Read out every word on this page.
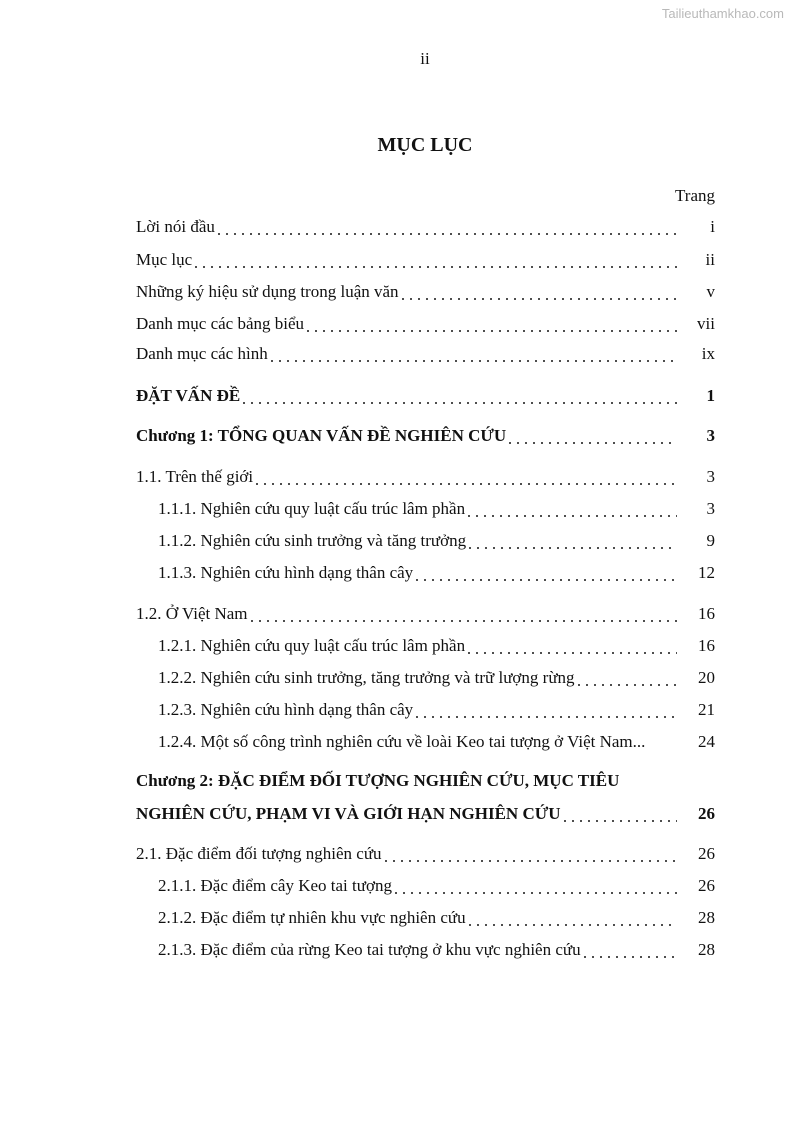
Tailieuthamkhao.com
ii
MỤC LỤC
Trang
Lời nói đầu	i
Mục lục	ii
Những ký hiệu sử dụng trong luận văn	v
Danh mục các bảng biểu	vii
Danh mục các hình	ix
ĐẶT VẤN ĐỀ	1
Chương 1: TỔNG QUAN VẤN ĐỀ NGHIÊN CỨU	3
1.1. Trên thế giới	3
1.1.1. Nghiên cứu quy luật cấu trúc lâm phần	3
1.1.2. Nghiên cứu sinh trưởng và tăng trưởng	9
1.1.3. Nghiên cứu hình dạng thân cây	12
1.2. Ở Việt Nam	16
1.2.1. Nghiên cứu quy luật cấu trúc lâm phần	16
1.2.2. Nghiên cứu sinh trưởng, tăng trưởng và trữ lượng rừng	20
1.2.3. Nghiên cứu hình dạng thân cây	21
1.2.4. Một số công trình nghiên cứu về loài Keo tai tượng ở Việt Nam...	24
Chương 2: ĐẶC ĐIỂM ĐỐI TƯỢNG NGHIÊN CỨU, MỤC TIÊU
NGHIÊN CỨU, PHẠM VI VÀ GIỚI HẠN NGHIÊN CỨU	26
2.1. Đặc điểm đối tượng nghiên cứu	26
2.1.1. Đặc điểm cây Keo tai tượng	26
2.1.2. Đặc điểm tự nhiên khu vực nghiên cứu	28
2.1.3. Đặc điểm của rừng Keo tai tượng ở khu vực nghiên cứu	28
